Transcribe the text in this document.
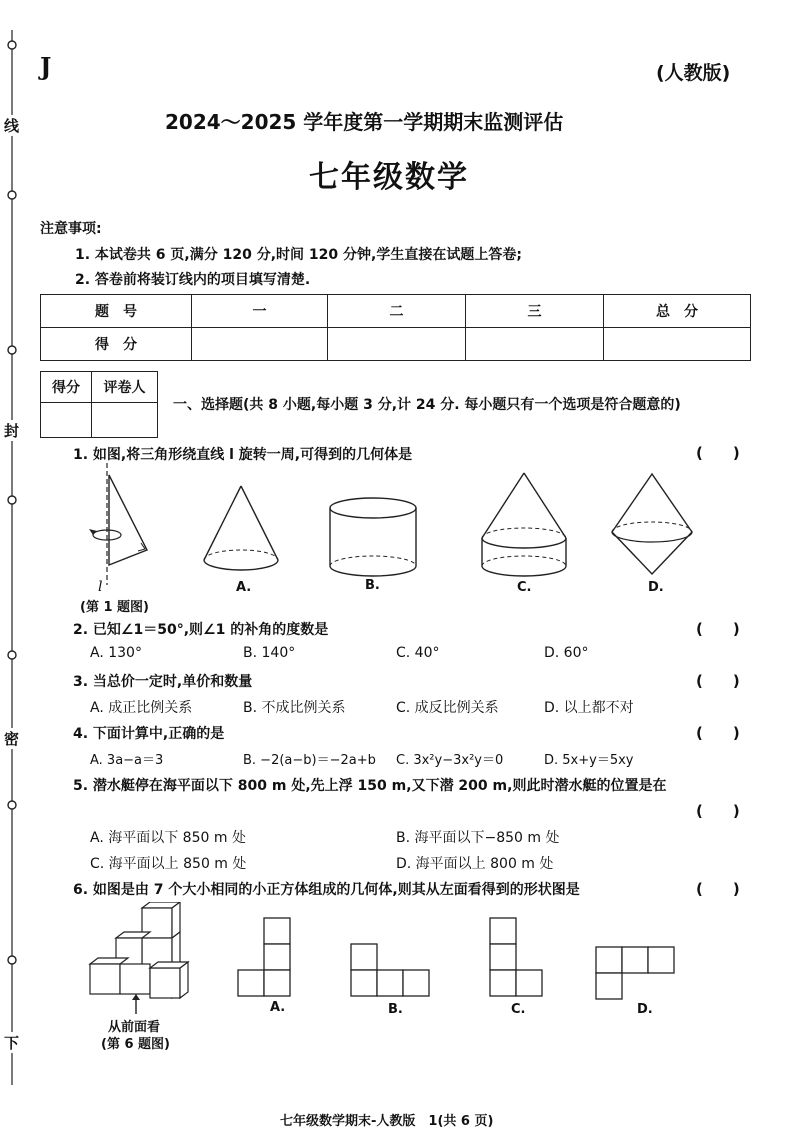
线
封
密
下
J	(人教版)
2024～2025 学年度第一学期期末监测评估
七年级数学
注意事项:
1. 本试卷共 6 页,满分 120 分,时间 120 分钟,学生直接在试题上答卷;
2. 答卷前将装订线内的项目填写清楚.
题　号	一	二	三	总　分
得　分				
得分	评卷人

一、选择题(共 8 小题,每小题 3 分,计 24 分. 每小题只有一个选项是符合题意的)
1. 如图,将三角形绕直线 l 旋转一周,可得到的几何体是	(　　)
l
(第 1 题图)
A.	B.	C.	D.
2. 已知∠1＝50°,则∠1 的补角的度数是	(　　)
A. 130°	B. 140°	C. 40°	D. 60°
3. 当总价一定时,单价和数量	(　　)
A. 成正比例关系	B. 不成比例关系	C. 成反比例关系	D. 以上都不对
4. 下面计算中,正确的是	(　　)
A. 3a−a＝3	B. −2(a−b)＝−2a+b C. 3x²y−3x²y＝0	D. 5x+y＝5xy
5. 潜水艇停在海平面以下 800 m 处,先上浮 150 m,又下潜 200 m,则此时潜水艇的位置是在
(　　)
A. 海平面以下 850 m 处	B. 海平面以下−850 m 处
C. 海平面以上 850 m 处	D. 海平面以上 800 m 处
6. 如图是由 7 个大小相同的小正方体组成的几何体,则其从左面看得到的形状图是	(　　)
从前面看
(第 6 题图)
A.	B.	C.	D.
七年级数学期末-人教版　1(共 6 页)
